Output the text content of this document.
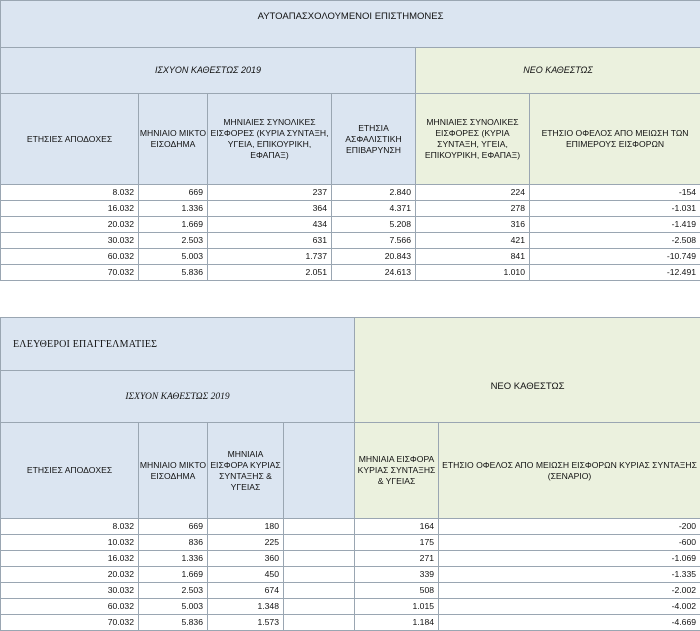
ΑΥΤΟΑΠΑΣΧΟΛΟΥΜΕΝΟΙ ΕΠΙΣΤΗΜΟΝΕΣ					
ΙΣΧΥΟΝ ΚΑΘΕΣΤΩΣ 2019				ΝΕΟ ΚΑΘΕΣΤΩΣ	
ΕΤΗΣΙΕΣ ΑΠΟΔΟΧΕΣ	ΜΗΝΙΑΙΟ ΜΙΚΤΟ ΕΙΣΟΔΗΜΑ	ΜΗΝΙΑΙΕΣ ΣΥΝΟΛΙΚΕΣ ΕΙΣΦΟΡΕΣ (ΚΥΡΙΑ ΣΥΝΤΑΞΗ, ΥΓΕΙΑ, ΕΠΙΚΟΥΡΙΚΗ, ΕΦΑΠΑΞ)	ΕΤΗΣΙΑ ΑΣΦΑΛΙΣΤΙΚΗ ΕΠΙΒΑΡΥΝΣΗ	ΜΗΝΙΑΙΕΣ ΣΥΝΟΛΙΚΕΣ ΕΙΣΦΟΡΕΣ (ΚΥΡΙΑ ΣΥΝΤΑΞΗ, ΥΓΕΙΑ, ΕΠΙΚΟΥΡΙΚΗ, ΕΦΑΠΑΞ)	ΕΤΗΣΙΟ ΟΦΕΛΟΣ ΑΠΟ ΜΕΙΩΣΗ ΤΩΝ ΕΠΙΜΕΡΟΥΣ ΕΙΣΦΟΡΩΝ
8.032	669	237	2.840	224	-154
16.032	1.336	364	4.371	278	-1.031
20.032	1.669	434	5.208	316	-1.419
30.032	2.503	631	7.566	421	-2.508
60.032	5.003	1.737	20.843	841	-10.749
70.032	5.836	2.051	24.613	1.010	-12.491
ΕΛΕΥΘΕΡΟΙ ΕΠΑΓΓΕΛΜΑΤΙΕΣ					
ΙΣΧΥΟΝ ΚΑΘΕΣΤΩΣ 2019				ΝΕΟ ΚΑΘΕΣΤΩΣ	
ΕΤΗΣΙΕΣ ΑΠΟΔΟΧΕΣ	ΜΗΝΙΑΙΟ ΜΙΚΤΟ ΕΙΣΟΔΗΜΑ	ΜΗΝΙΑΙΑ ΕΙΣΦΟΡΑ ΚΥΡΙΑΣ ΣΥΝΤΑΞΗΣ & ΥΓΕΙΑΣ		ΜΗΝΙΑΙΑ ΕΙΣΦΟΡΑ ΚΥΡΙΑΣ ΣΥΝΤΑΞΗΣ & ΥΓΕΙΑΣ	ΕΤΗΣΙΟ ΟΦΕΛΟΣ ΑΠΟ ΜΕΙΩΣΗ ΕΙΣΦΟΡΩΝ ΚΥΡΙΑΣ ΣΥΝΤΑΞΗΣ (ΣΕΝΑΡΙΟ)
8.032	669	180		164	-200
10.032	836	225		175	-600
16.032	1.336	360		271	-1.069
20.032	1.669	450		339	-1.335
30.032	2.503	674		508	-2.002
60.032	5.003	1.348		1.015	-4.002
70.032	5.836	1.573		1.184	-4.669
